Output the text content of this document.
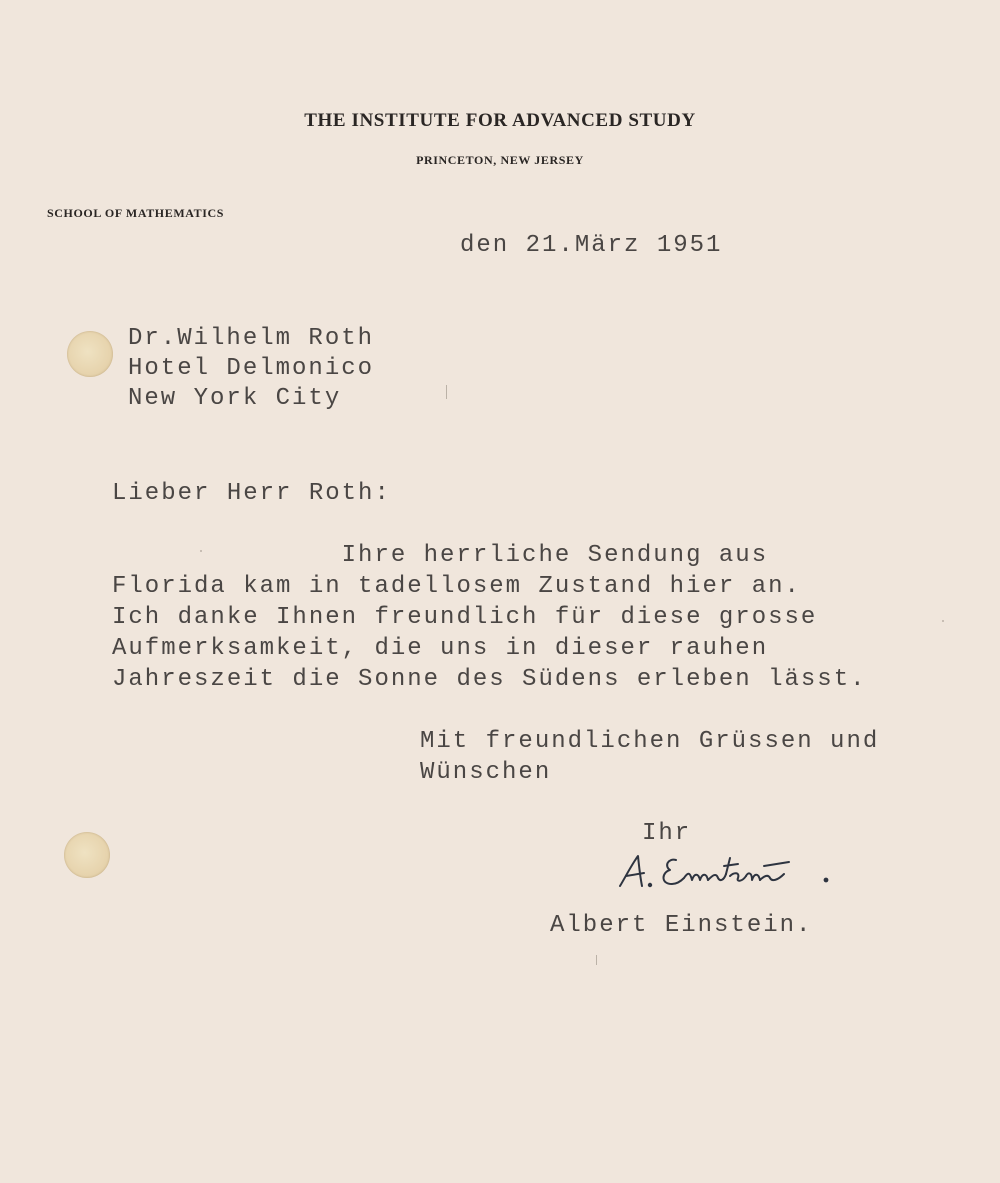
THE INSTITUTE FOR ADVANCED STUDY
PRINCETON, NEW JERSEY
SCHOOL OF MATHEMATICS
den 21.März 1951
Dr.Wilhelm Roth
Hotel Delmonico
New York City
Lieber Herr Roth:
Ihre herrliche Sendung aus
Florida kam in tadellosem Zustand hier an.
Ich danke Ihnen freundlich für diese grosse
Aufmerksamkeit, die uns in dieser rauhen
Jahreszeit die Sonne des Südens erleben lässt.
Mit freundlichen Grüssen und
Wünschen
Ihr
Albert Einstein.
